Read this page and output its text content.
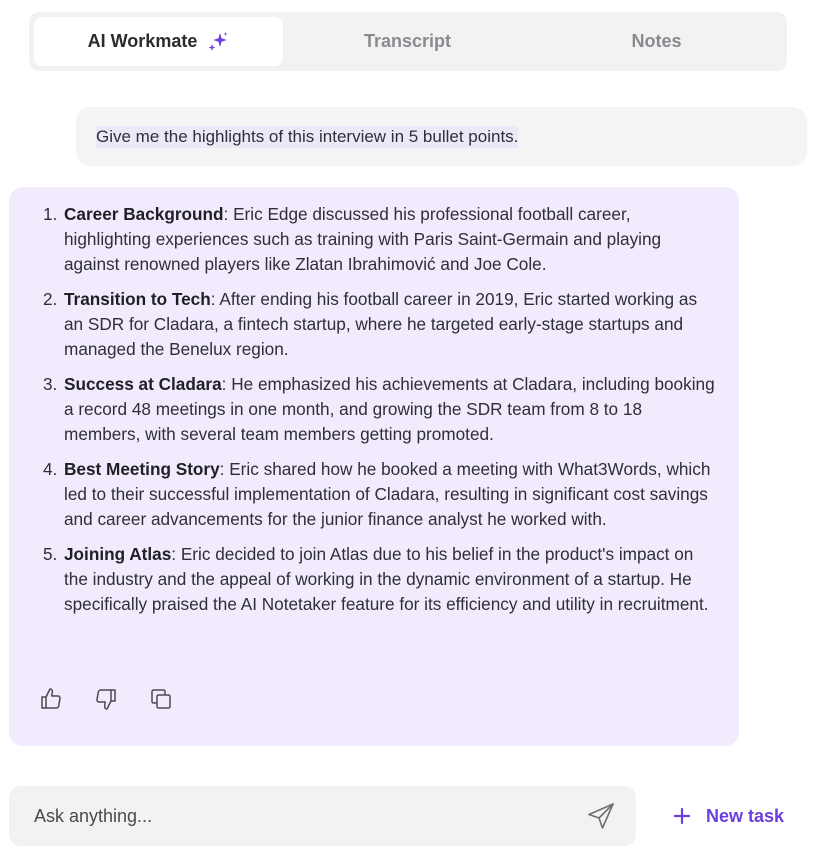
AI Workmate	Transcript	Notes
Give me the highlights of this interview in 5 bullet points.
1. Career Background: Eric Edge discussed his professional football career, highlighting experiences such as training with Paris Saint-Germain and playing against renowned players like Zlatan Ibrahimović and Joe Cole.
2. Transition to Tech: After ending his football career in 2019, Eric started working as an SDR for Cladara, a fintech startup, where he targeted early-stage startups and managed the Benelux region.
3. Success at Cladara: He emphasized his achievements at Cladara, including booking a record 48 meetings in one month, and growing the SDR team from 8 to 18 members, with several team members getting promoted.
4. Best Meeting Story: Eric shared how he booked a meeting with What3Words, which led to their successful implementation of Cladara, resulting in significant cost savings and career advancements for the junior finance analyst he worked with.
5. Joining Atlas: Eric decided to join Atlas due to his belief in the product's impact on the industry and the appeal of working in the dynamic environment of a startup. He specifically praised the AI Notetaker feature for its efficiency and utility in recruitment.
Ask anything...
New task
